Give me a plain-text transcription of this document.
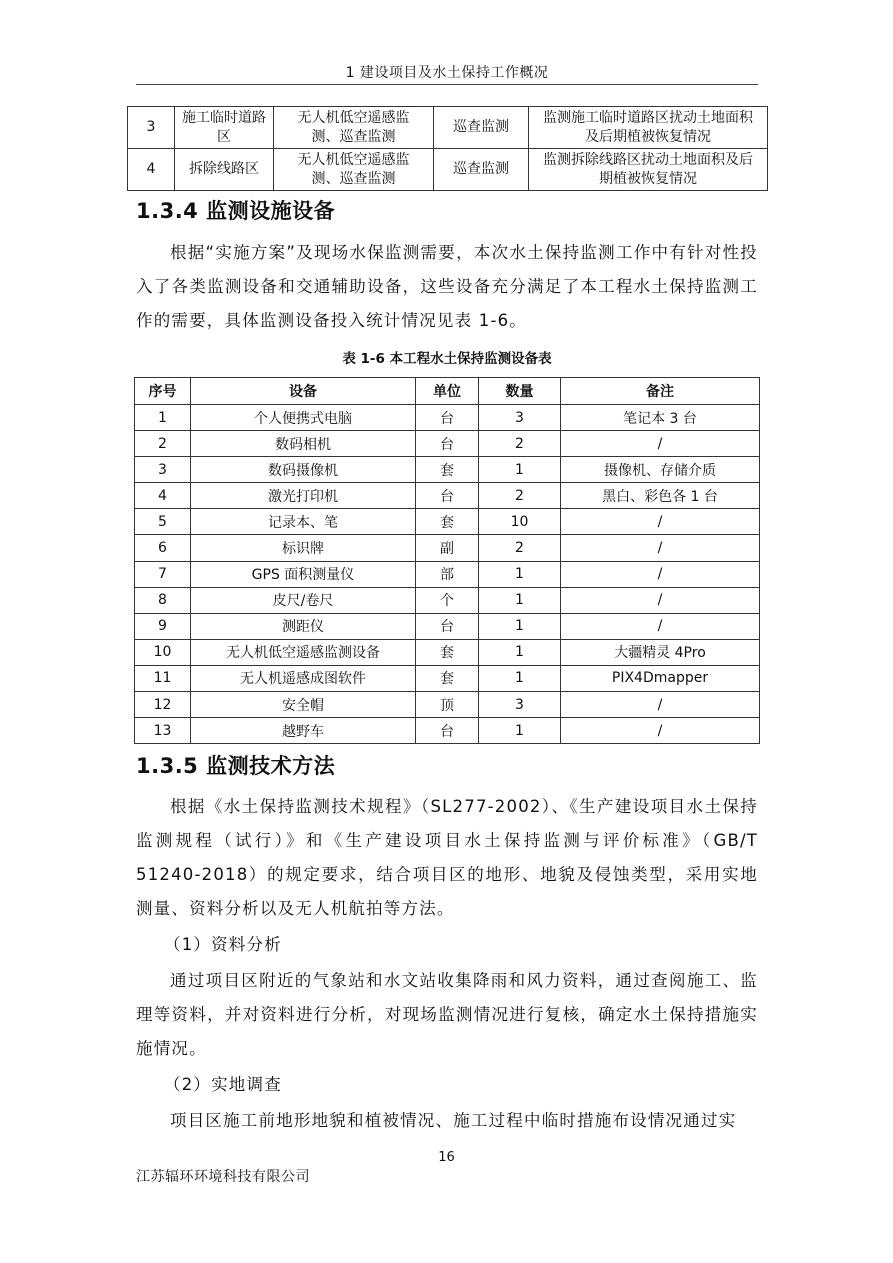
1 建设项目及水土保持工作概况
3	施工临时道路区	无人机低空遥感监测、巡查监测	巡查监测	监测施工临时道路区扰动土地面积及后期植被恢复情况
4	拆除线路区	无人机低空遥感监测、巡查监测	巡查监测	监测拆除线路区扰动土地面积及后期植被恢复情况
1.3.4 监测设施设备

根据“实施方案”及现场水保监测需要，本次水土保持监测工作中有针对性投入了各类监测设备和交通辅助设备，这些设备充分满足了本工程水土保持监测工作的需要，具体监测设备投入统计情况见表 1-6。

表 1-6 本工程水土保持监测设备表
序号	设备	单位	数量	备注
1	个人便携式电脑	台	3	笔记本 3 台
2	数码相机	台	2	/
3	数码摄像机	套	1	摄像机、存储介质
4	激光打印机	台	2	黑白、彩色各 1 台
5	记录本、笔	套	10	/
6	标识牌	副	2	/
7	GPS 面积测量仪	部	1	/
8	皮尺/卷尺	个	1	/
9	测距仪	台	1	/
10	无人机低空遥感监测设备	套	1	大疆精灵 4Pro
11	无人机遥感成图软件	套	1	PIX4Dmapper
12	安全帽	顶	3	/
13	越野车	台	1	/
1.3.5 监测技术方法

根据《水土保持监测技术规程》（SL277-2002）、《生产建设项目水土保持监测规程（试行）》和《生产建设项目水土保持监测与评价标准》（GB/T 51240-2018）的规定要求，结合项目区的地形、地貌及侵蚀类型，采用实地测量、资料分析以及无人机航拍等方法。

（1）资料分析

通过项目区附近的气象站和水文站收集降雨和风力资料，通过查阅施工、监理等资料，并对资料进行分析，对现场监测情况进行复核，确定水土保持措施实施情况。

（2）实地调查

项目区施工前地形地貌和植被情况、施工过程中临时措施布设情况通过实

16
江苏辐环环境科技有限公司
